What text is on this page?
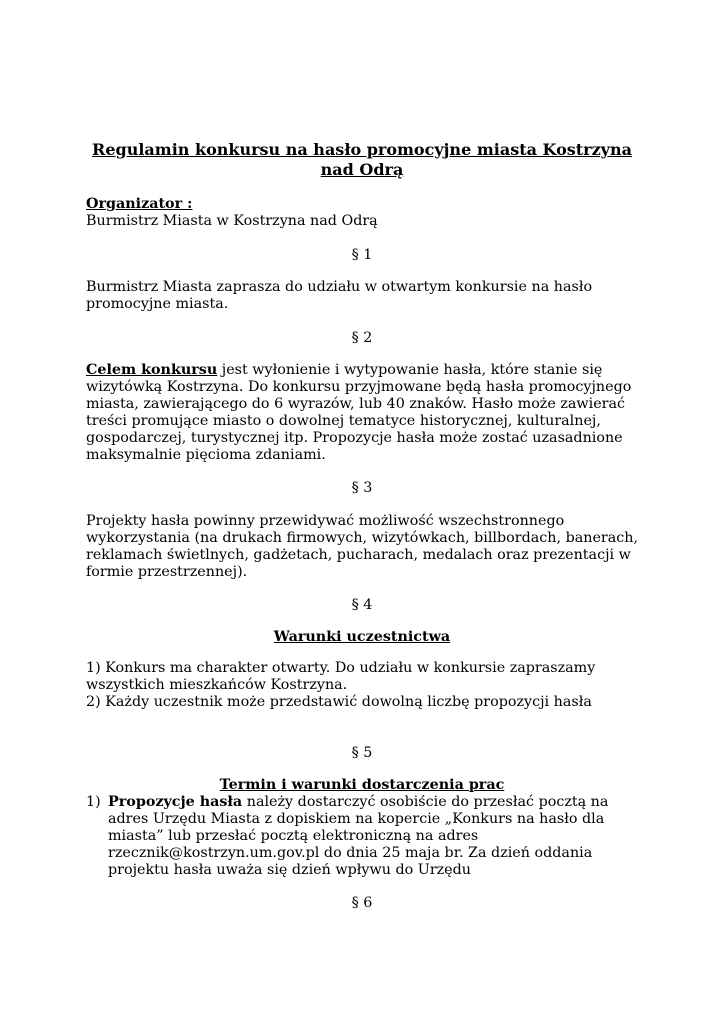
Regulamin konkursu na hasło promocyjne miasta Kostrzyna
nad Odrą
Organizator :
Burmistrz Miasta w Kostrzyna nad Odrą
§ 1
Burmistrz Miasta zaprasza do udziału w otwartym konkursie na hasło
promocyjne miasta.
§ 2
Celem konkursu jest wyłonienie i wytypowanie hasła, które stanie się
wizytówką Kostrzyna. Do konkursu przyjmowane będą hasła promocyjnego
miasta, zawierającego do 6 wyrazów, lub 40 znaków. Hasło może zawierać
treści promujące miasto o dowolnej tematyce historycznej, kulturalnej,
gospodarczej, turystycznej itp. Propozycje hasła może zostać uzasadnione
maksymalnie pięcioma zdaniami.
§ 3
Projekty hasła powinny przewidywać możliwość wszechstronnego
wykorzystania (na drukach firmowych, wizytówkach, billbordach, banerach,
reklamach świetlnych, gadżetach, pucharach, medalach oraz prezentacji w
formie przestrzennej).
§ 4
Warunki uczestnictwa
1) Konkurs ma charakter otwarty. Do udziału w konkursie zapraszamy
wszystkich mieszkańców Kostrzyna.
2) Każdy uczestnik może przedstawić dowolną liczbę propozycji hasła
§ 5
Termin i warunki dostarczenia prac
1) Propozycje hasła należy dostarczyć osobiście do przesłać pocztą na
adres Urzędu Miasta z dopiskiem na kopercie „Konkurs na hasło dla
miasta” lub przesłać pocztą elektroniczną na adres
rzecznik@kostrzyn.um.gov.pl do dnia 25 maja br. Za dzień oddania
projektu hasła uważa się dzień wpływu do Urzędu
§ 6
